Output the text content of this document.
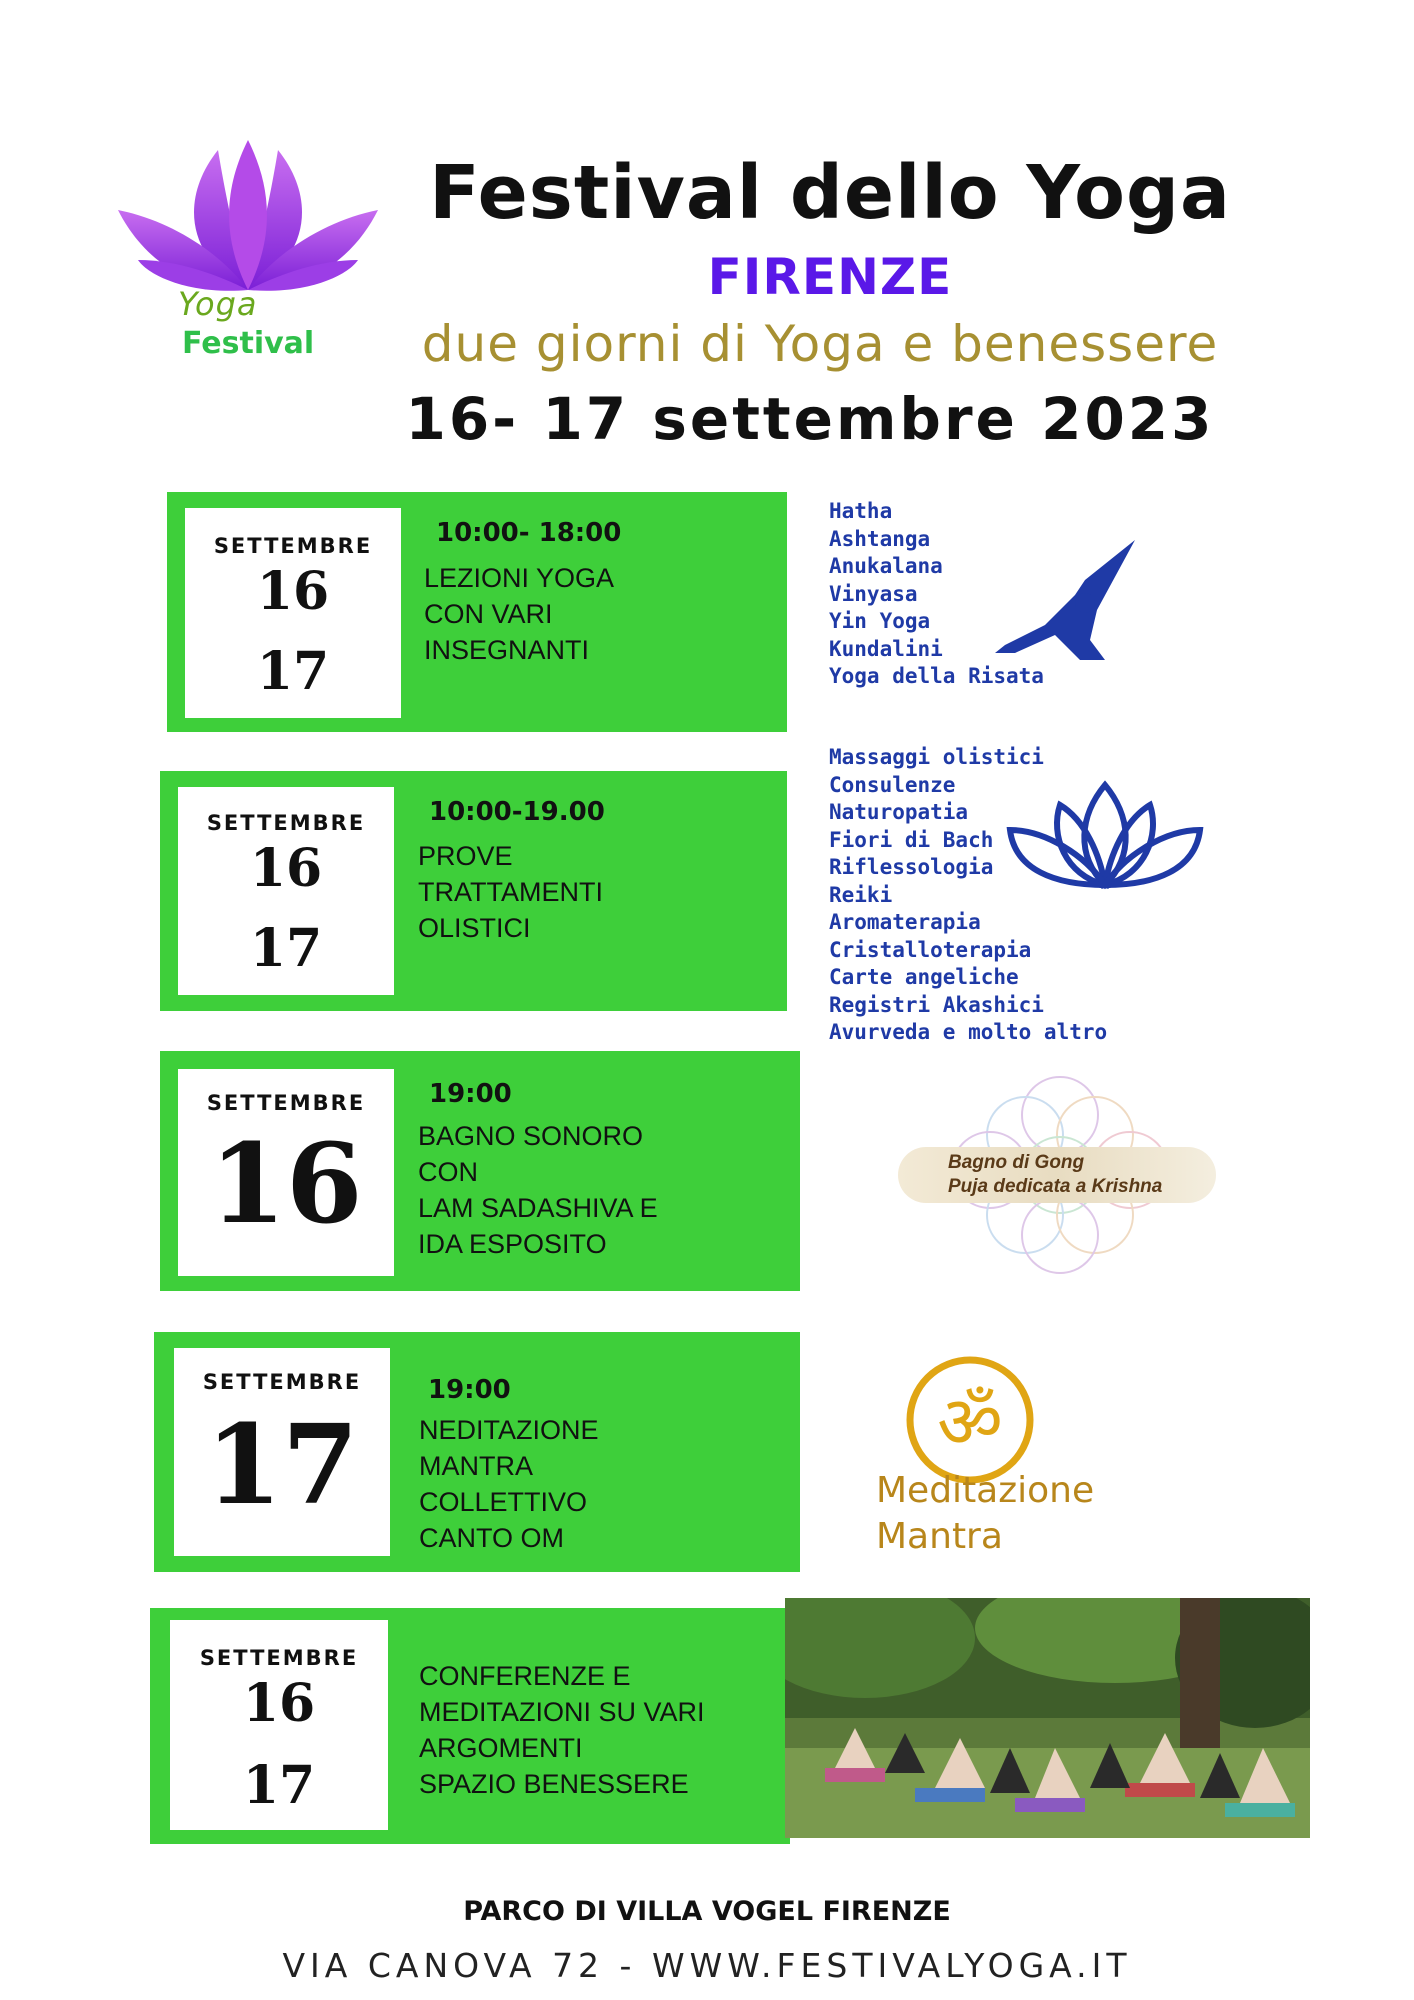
Yoga
Festival
Festival dello Yoga
FIRENZE
due giorni di Yoga e benessere
16- 17 settembre 2023
SETTEMBRE
16
17
10:00- 18:00
LEZIONI YOGA
CON VARI
INSEGNANTI
Hatha
Ashtanga
Anukalana
Vinyasa
Yin Yoga
Kundalini
Yoga della Risata
SETTEMBRE
16
17
10:00-19.00
PROVE
TRATTAMENTI
OLISTICI
Massaggi olistici
Consulenze
Naturopatia
Fiori di Bach
Riflessologia
Reiki
Aromaterapia
Cristalloterapia
Carte angeliche
Registri Akashici
Avurveda e molto altro
SETTEMBRE
16
19:00
BAGNO SONORO
CON
LAM SADASHIVA E
IDA ESPOSITO
Bagno di Gong
Puja dedicata a Krishna
SETTEMBRE
17
19:00
NEDITAZIONE
MANTRA
COLLETTIVO
CANTO OM
ॐ
Meditazione
Mantra
SETTEMBRE
16
17
CONFERENZE E
MEDITAZIONI SU VARI
ARGOMENTI
SPAZIO BENESSERE
PARCO DI VILLA VOGEL FIRENZE
VIA CANOVA 72 - WWW.FESTIVALYOGA.IT
